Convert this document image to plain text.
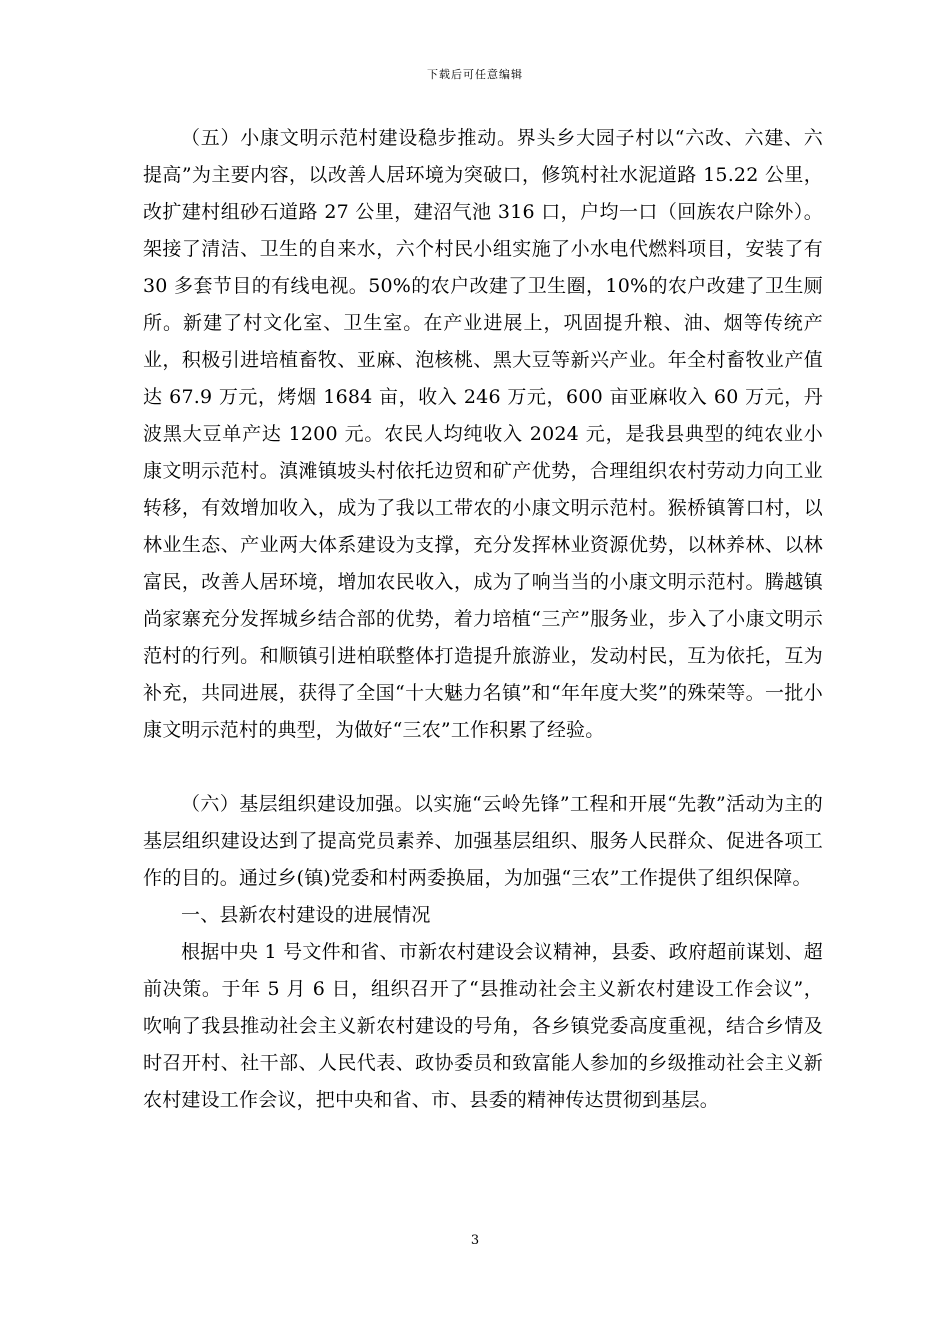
下载后可任意编辑

（五）小康文明示范村建设稳步推动。界头乡大园子村以“六改、六建、六提高”为主要内容，以改善人居环境为突破口，修筑村社水泥道路 15.22 公里，改扩建村组砂石道路 27 公里，建沼气池 316 口，户均一口（回族农户除外）。架接了清洁、卫生的自来水，六个村民小组实施了小水电代燃料项目，安装了有 30 多套节目的有线电视。50%的农户改建了卫生圈，10%的农户改建了卫生厕所。新建了村文化室、卫生室。在产业进展上，巩固提升粮、油、烟等传统产业，积极引进培植畜牧、亚麻、泡核桃、黑大豆等新兴产业。年全村畜牧业产值达 67.9 万元，烤烟 1684 亩，收入 246 万元，600 亩亚麻收入 60 万元，丹波黑大豆单产达 1200 元。农民人均纯收入 2024 元，是我县典型的纯农业小康文明示范村。滇滩镇坡头村依托边贸和矿产优势，合理组织农村劳动力向工业转移，有效增加收入，成为了我以工带农的小康文明示范村。猴桥镇箐口村，以林业生态、产业两大体系建设为支撑，充分发挥林业资源优势，以林养林、以林富民，改善人居环境，增加农民收入，成为了响当当的小康文明示范村。腾越镇尚家寨充分发挥城乡结合部的优势，着力培植“三产”服务业，步入了小康文明示范村的行列。和顺镇引进柏联整体打造提升旅游业，发动村民，互为依托，互为补充，共同进展，获得了全国“十大魅力名镇”和“年年度大奖”的殊荣等。一批小康文明示范村的典型，为做好“三农”工作积累了经验。

（六）基层组织建设加强。以实施“云岭先锋”工程和开展“先教”活动为主的基层组织建设达到了提高党员素养、加强基层组织、服务人民群众、促进各项工作的目的。通过乡(镇)党委和村两委换届，为加强“三农”工作提供了组织保障。

一、县新农村建设的进展情况

根据中央 1 号文件和省、市新农村建设会议精神，县委、政府超前谋划、超前决策。于年 5 月 6 日，组织召开了“县推动社会主义新农村建设工作会议”，吹响了我县推动社会主义新农村建设的号角，各乡镇党委高度重视，结合乡情及时召开村、社干部、人民代表、政协委员和致富能人参加的乡级推动社会主义新农村建设工作会议，把中央和省、市、县委的精神传达贯彻到基层。

3
